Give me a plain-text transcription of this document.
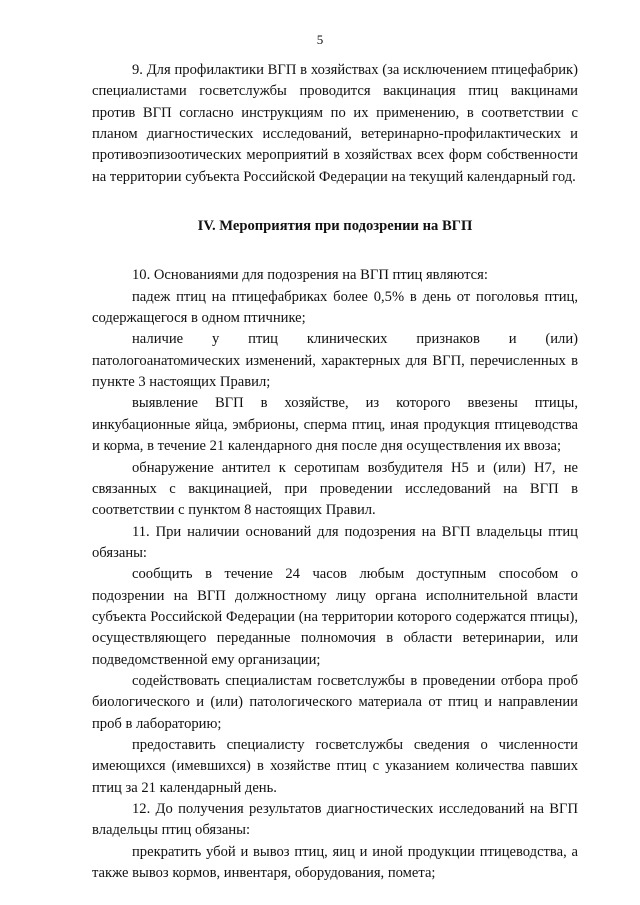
5

9. Для профилактики ВГП в хозяйствах (за исключением птицефабрик) специалистами госветслужбы проводится вакцинация птиц вакцинами против ВГП согласно инструкциям по их применению, в соответствии с планом диагностических исследований, ветеринарно-профилактических и противоэпизоотических мероприятий в хозяйствах всех форм собственности на территории субъекта Российской Федерации на текущий календарный год.

IV. Мероприятия при подозрении на ВГП

10. Основаниями для подозрения на ВГП птиц являются:

падеж птиц на птицефабриках более 0,5% в день от поголовья птиц, содержащегося в одном птичнике;

наличие у птиц клинических признаков и (или) патологоанатомических изменений, характерных для ВГП, перечисленных в пункте 3 настоящих Правил;

выявление ВГП в хозяйстве, из которого ввезены птицы, инкубационные яйца, эмбрионы, сперма птиц, иная продукция птицеводства и корма, в течение 21 календарного дня после дня осуществления их ввоза;

обнаружение антител к серотипам возбудителя Н5 и (или) Н7, не связанных с вакцинацией, при проведении исследований на ВГП в соответствии с пунктом 8 настоящих Правил.

11. При наличии оснований для подозрения на ВГП владельцы птиц обязаны:

сообщить в течение 24 часов любым доступным способом о подозрении на ВГП должностному лицу органа исполнительной власти субъекта Российской Федерации (на территории которого содержатся птицы), осуществляющего переданные полномочия в области ветеринарии, или подведомственной ему организации;

содействовать специалистам госветслужбы в проведении отбора проб биологического и (или) патологического материала от птиц и направлении проб в лабораторию;

предоставить специалисту госветслужбы сведения о численности имеющихся (имевшихся) в хозяйстве птиц с указанием количества павших птиц за 21 календарный день.

12. До получения результатов диагностических исследований на ВГП владельцы птиц обязаны:

прекратить убой и вывоз птиц, яиц и иной продукции птицеводства, а также вывоз кормов, инвентаря, оборудования, помета;
